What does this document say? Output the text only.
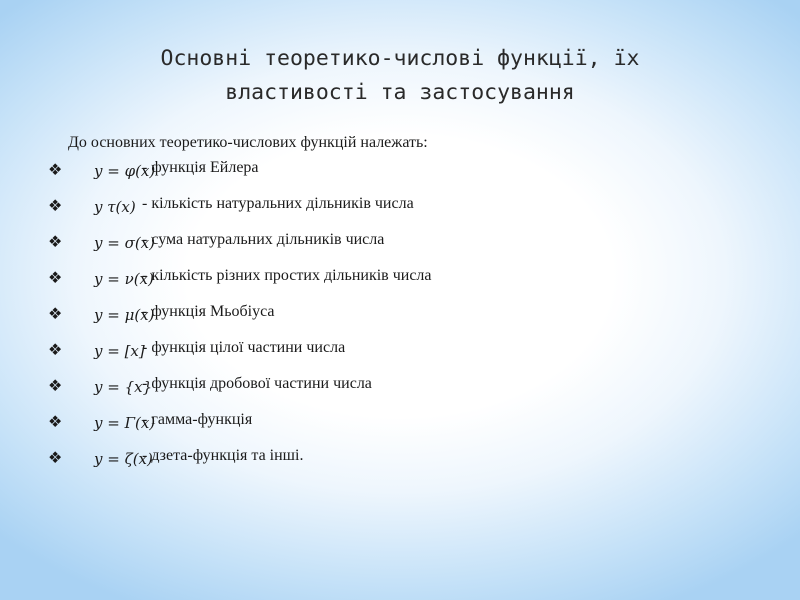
Основні теоретико-числові функції, їх
властивості та застосування

До основних теоретико-числових функцій належать:

❖ y = φ(x)
- функція Ейлера
❖ y τ(x) - кількість натуральних дільників числа
❖ y = σ(x)
- сума натуральних дільників числа
❖ y = ν(x)
- кількість різних простих дільників числа
❖ y = μ(x)
- функція Мьобіуса
❖ y = [x]
- функція цілої частини числа
❖ y = {x}
- функція дробової частини числа
❖ y = Γ(x)
- гамма-функція
❖ y = ζ(x)
- дзета-функція та інші.
